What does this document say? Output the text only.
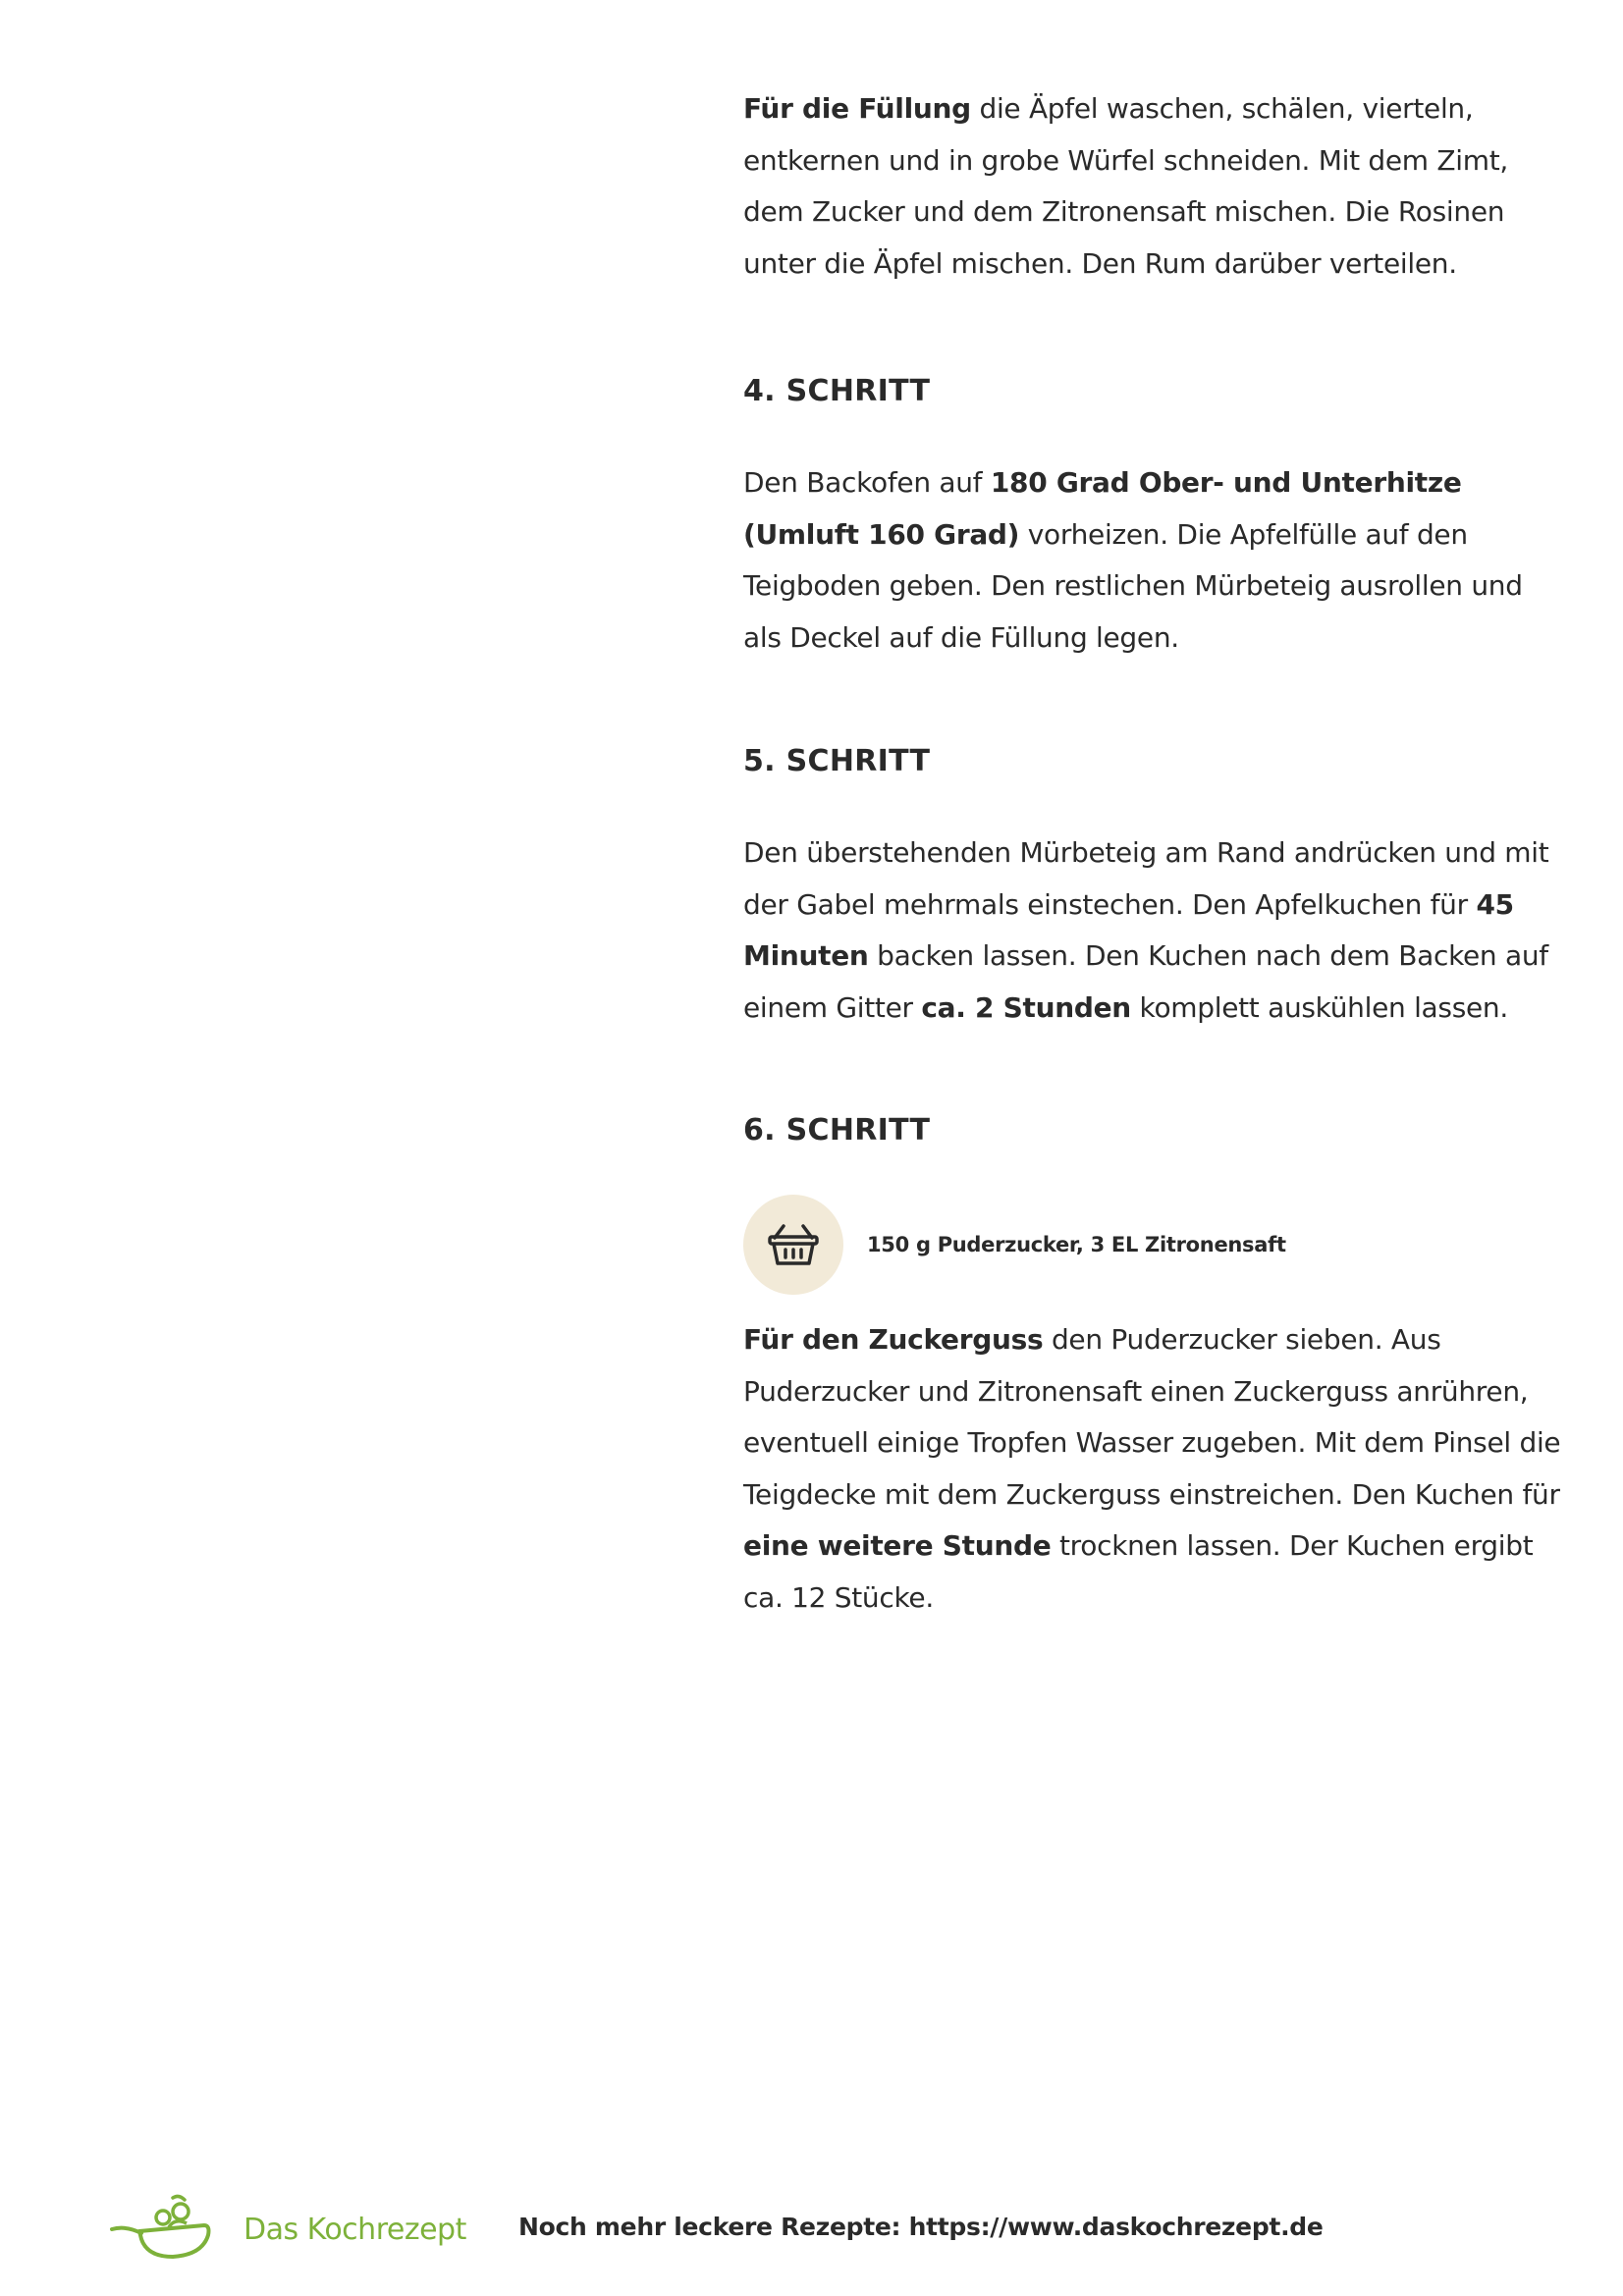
Für die Füllung die Äpfel waschen, schälen, vierteln, entkernen und in grobe Würfel schneiden. Mit dem Zimt, dem Zucker und dem Zitronensaft mischen. Die Rosinen unter die Äpfel mischen. Den Rum darüber verteilen.

4. SCHRITT

Den Backofen auf 180 Grad Ober- und Unterhitze (Umluft 160 Grad) vorheizen. Die Apfelfülle auf den Teigboden geben. Den restlichen Mürbeteig ausrollen und als Deckel auf die Füllung legen.

5. SCHRITT

Den überstehenden Mürbeteig am Rand andrücken und mit der Gabel mehrmals einstechen. Den Apfelkuchen für 45 Minuten backen lassen. Den Kuchen nach dem Backen auf einem Gitter ca. 2 Stunden komplett auskühlen lassen.

6. SCHRITT
150 g Puderzucker, 3 EL Zitronensaft

Für den Zuckerguss den Puderzucker sieben. Aus Puderzucker und Zitronensaft einen Zuckerguss anrühren, eventuell einige Tropfen Wasser zugeben. Mit dem Pinsel die Teigdecke mit dem Zuckerguss einstreichen. Den Kuchen für eine weitere Stunde trocknen lassen. Der Kuchen ergibt ca. 12 Stücke.

Das Kochrezept Noch mehr leckere Rezepte: https://www.daskochrezept.de
